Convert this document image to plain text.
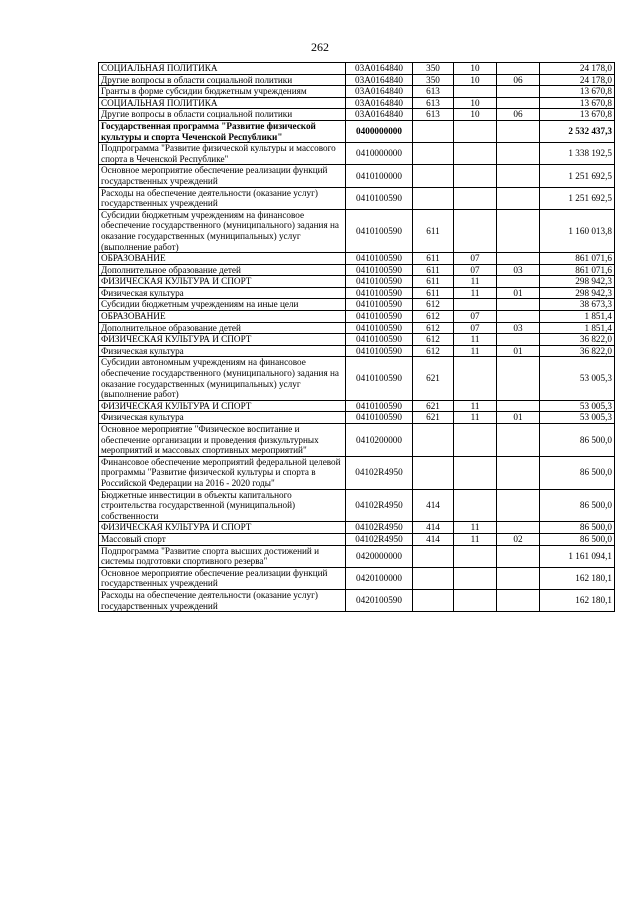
262
СОЦИАЛЬНАЯ ПОЛИТИКА	03А0164840	350	10		24 178,0
Другие вопросы в области социальной политики	03А0164840	350	10	06	24 178,0
Гранты в форме субсидии бюджетным учреждениям	03А0164840	613			13 670,8
СОЦИАЛЬНАЯ ПОЛИТИКА	03А0164840	613	10		13 670,8
Другие вопросы в области социальной политики	03А0164840	613	10	06	13 670,8
Государственная программа "Развитие физической культуры и спорта Чеченской Республики"	0400000000				2 532 437,3
Подпрограмма "Развитие физической культуры и массового спорта в Чеченской Республике"	0410000000				1 338 192,5
Основное мероприятие обеспечение реализации функций государственных учреждений	0410100000				1 251 692,5
Расходы на обеспечение деятельности (оказание услуг) государственных учреждений	0410100590				1 251 692,5
Субсидии бюджетным учреждениям на финансовое обеспечение государственного (муниципального) задания на оказание государственных (муниципальных) услуг (выполнение работ)	0410100590	611			1 160 013,8
ОБРАЗОВАНИЕ	0410100590	611	07		861 071,6
Дополнительное образование детей	0410100590	611	07	03	861 071,6
ФИЗИЧЕСКАЯ КУЛЬТУРА И СПОРТ	0410100590	611	11		298 942,3
Физическая культура	0410100590	611	11	01	298 942,3
Субсидии бюджетным учреждениям на иные цели	0410100590	612			38 673,3
ОБРАЗОВАНИЕ	0410100590	612	07		1 851,4
Дополнительное образование детей	0410100590	612	07	03	1 851,4
ФИЗИЧЕСКАЯ КУЛЬТУРА И СПОРТ	0410100590	612	11		36 822,0
Физическая культура	0410100590	612	11	01	36 822,0
Субсидии автономным учреждениям на финансовое обеспечение государственного (муниципального) задания на оказание государственных (муниципальных) услуг (выполнение работ)	0410100590	621			53 005,3
ФИЗИЧЕСКАЯ КУЛЬТУРА И СПОРТ	0410100590	621	11		53 005,3
Физическая культура	0410100590	621	11	01	53 005,3
Основное мероприятие "Физическое воспитание и обеспечение организации и проведения физкультурных мероприятий и массовых спортивных мероприятий"	0410200000				86 500,0
Финансовое обеспечение мероприятий федеральной целевой программы "Развитие физической культуры и спорта в Российской Федерации на 2016 - 2020 годы"	04102R4950				86 500,0
Бюджетные инвестиции в объекты капитального строительства государственной (муниципальной) собственности	04102R4950	414			86 500,0
ФИЗИЧЕСКАЯ КУЛЬТУРА И СПОРТ	04102R4950	414	11		86 500,0
Массовый спорт	04102R4950	414	11	02	86 500,0
Подпрограмма "Развитие спорта высших достижений и системы подготовки спортивного резерва"	0420000000				1 161 094,1
Основное мероприятие обеспечение реализации функций государственных учреждений	0420100000				162 180,1
Расходы на обеспечение деятельности (оказание услуг) государственных учреждений	0420100590				162 180,1
